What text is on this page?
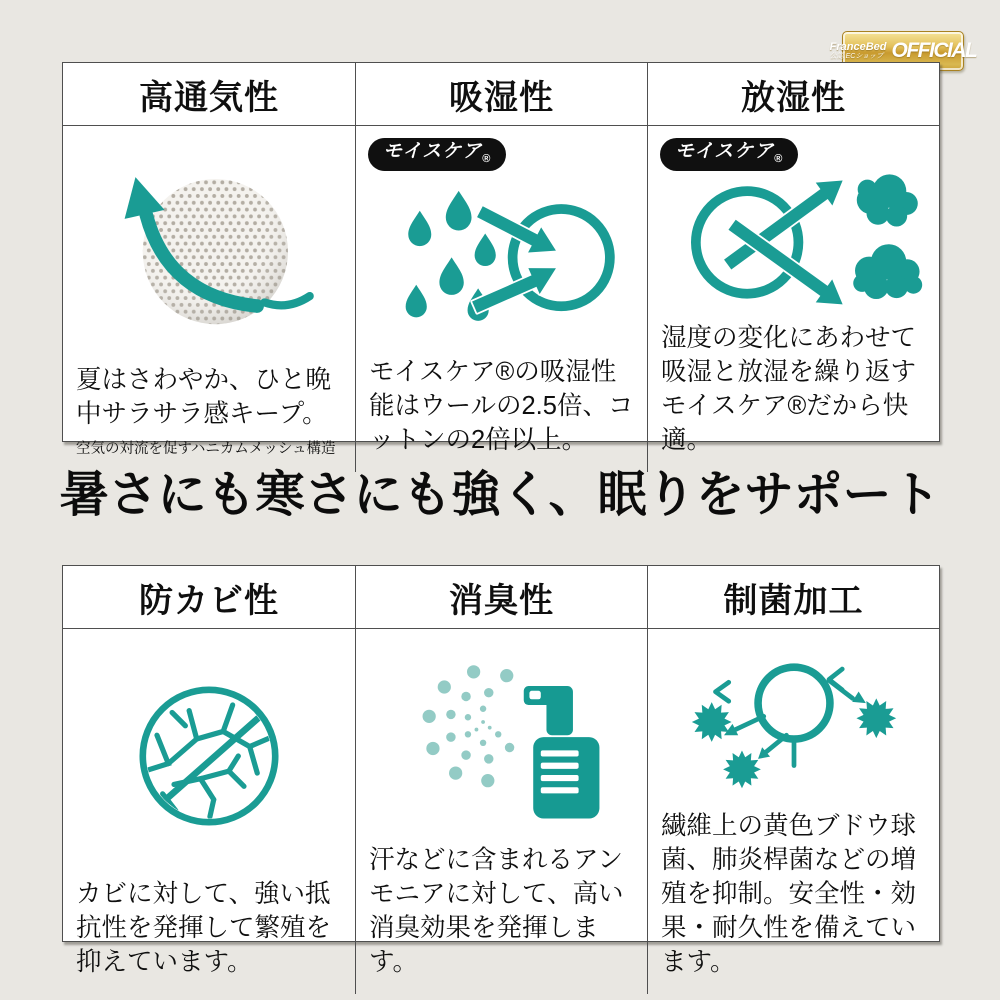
FranceBed
公認 ECショップ OFFICIAL
高通気性

夏はさわやか、ひと晩中サラサラ感キープ。

空気の対流を促すハニカムメッシュ構造

吸湿性
モイスケア$_®$

モイスケア®の吸湿性能はウールの2.5倍、コットンの2倍以上。

放湿性
モイスケア$_®$

湿度の変化にあわせて吸湿と放湿を繰り返すモイスケア®だから快適。

暑さにも寒さにも強く、眠りをサポート
防カビ性

カビに対して、強い抵抗性を発揮して繁殖を抑えています。

消臭性

汗などに含まれるアンモニアに対して、高い消臭効果を発揮します。

制菌加工

繊維上の黄色ブドウ球菌、肺炎桿菌などの増殖を抑制。安全性・効果・耐久性を備えています。
